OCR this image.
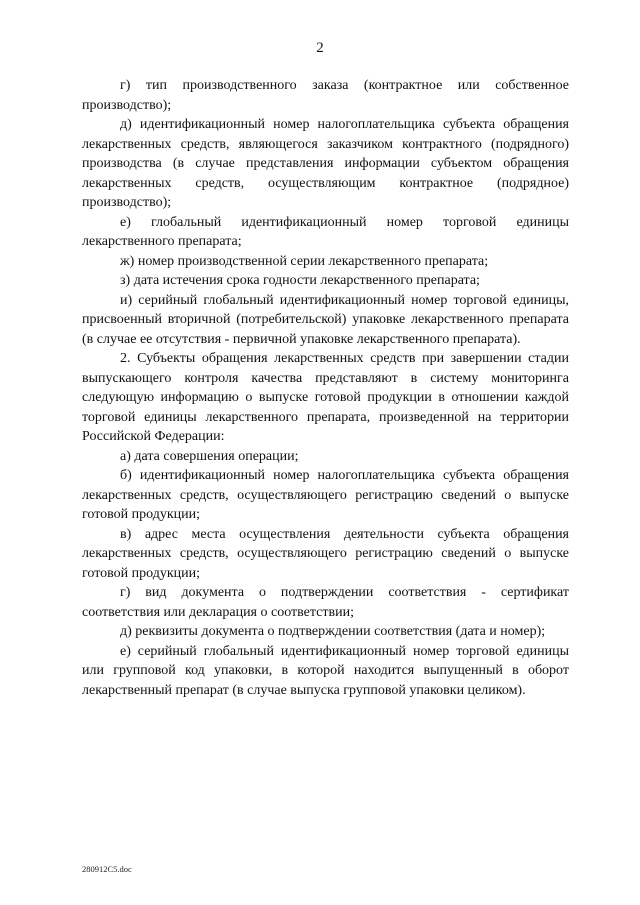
2

г) тип производственного заказа (контрактное или собственное производство);

д) идентификационный номер налогоплательщика субъекта обращения лекарственных средств, являющегося заказчиком контрактного (подрядного) производства (в случае представления информации субъектом обращения лекарственных средств, осуществляющим контрактное (подрядное) производство);

е) глобальный идентификационный номер торговой единицы лекарственного препарата;

ж) номер производственной серии лекарственного препарата;

з) дата истечения срока годности лекарственного препарата;

и) серийный глобальный идентификационный номер торговой единицы, присвоенный вторичной (потребительской) упаковке лекарственного препарата (в случае ее отсутствия - первичной упаковке лекарственного препарата).

2. Субъекты обращения лекарственных средств при завершении стадии выпускающего контроля качества представляют в систему мониторинга следующую информацию о выпуске готовой продукции в отношении каждой торговой единицы лекарственного препарата, произведенной на территории Российской Федерации:

а) дата совершения операции;

б) идентификационный номер налогоплательщика субъекта обращения лекарственных средств, осуществляющего регистрацию сведений о выпуске готовой продукции;

в) адрес места осуществления деятельности субъекта обращения лекарственных средств, осуществляющего регистрацию сведений о выпуске готовой продукции;

г) вид документа о подтверждении соответствия - сертификат соответствия или декларация о соответствии;

д) реквизиты документа о подтверждении соответствия (дата и номер);

е) серийный глобальный идентификационный номер торговой единицы или групповой код упаковки, в которой находится выпущенный в оборот лекарственный препарат (в случае выпуска групповой упаковки целиком).

280912C5.doc
